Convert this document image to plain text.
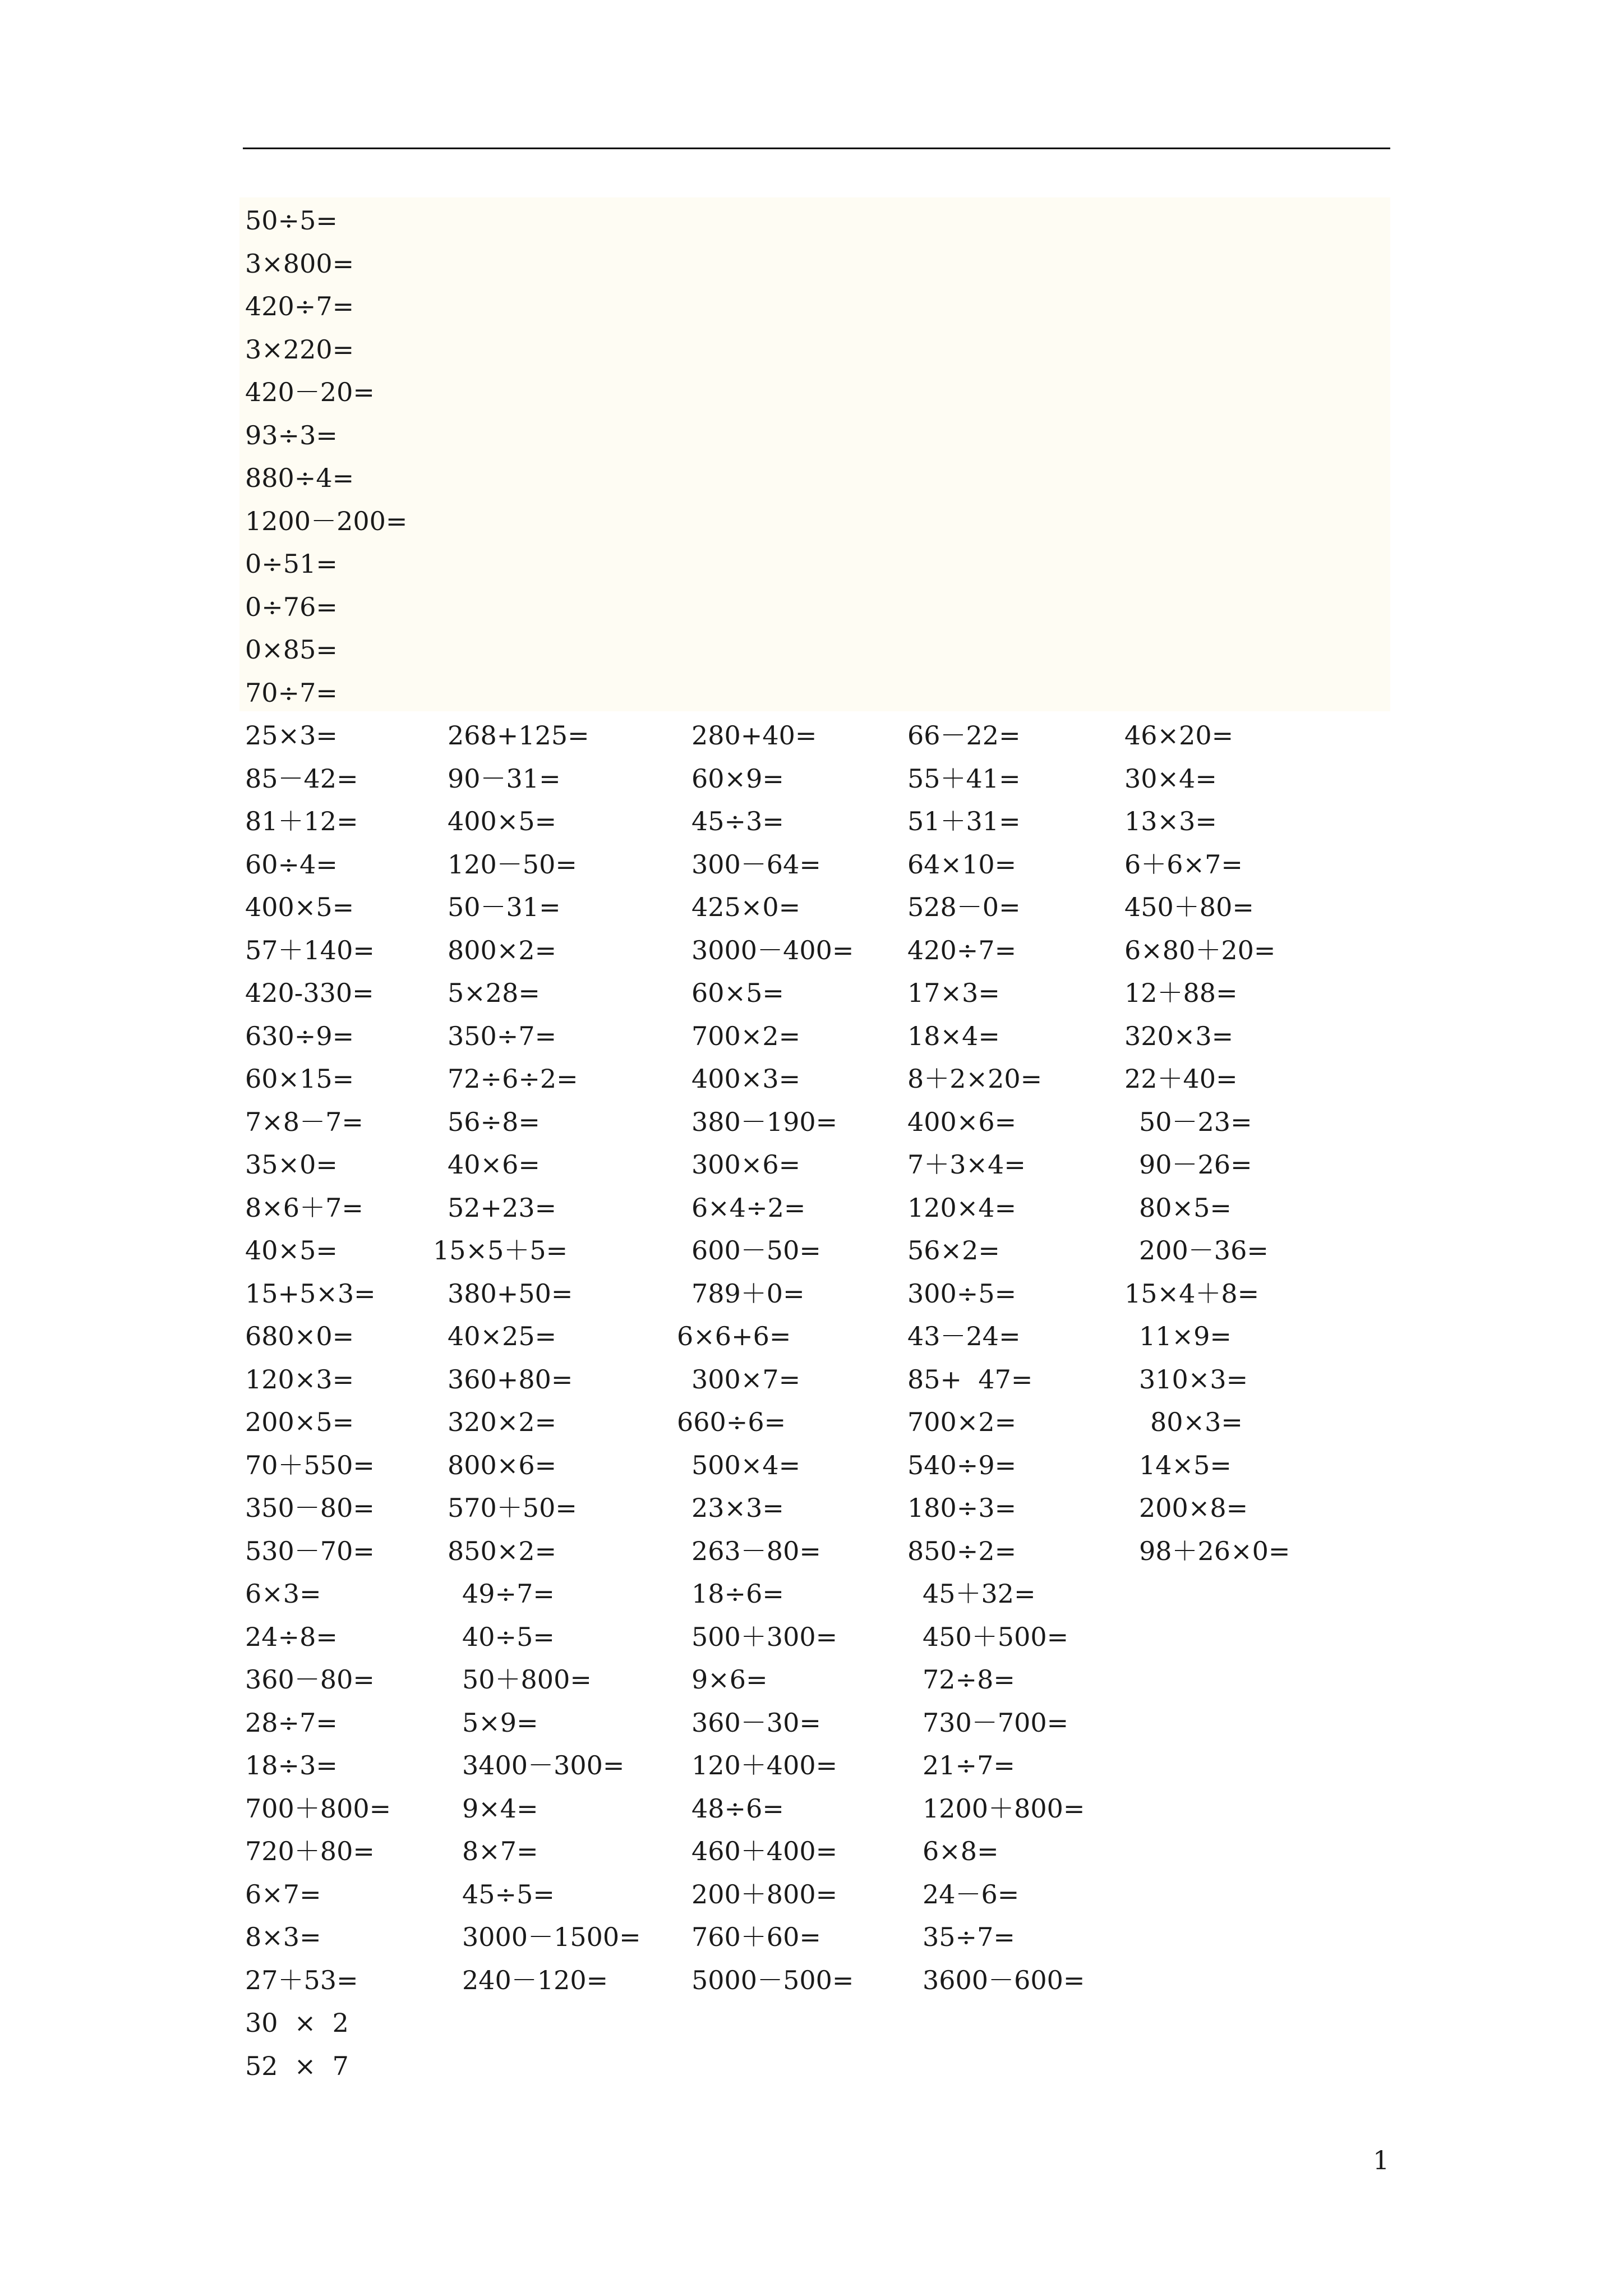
50÷5=
3×800=
420÷7=
3×220=
420－20=
93÷3=
880÷4=
1200－200=
0÷51=
0÷76=
0×85=
70÷7=
25×3=	268+125=	280+40=	66－22=	46×20=
85－42=	90－31=	60×9=	55＋41=	30×4=
81＋12=	400×5=	45÷3=	51＋31=	13×3=
60÷4=	120－50=	300－64=	64×10=	6＋6×7=
400×5=	50－31=	425×0=	528－0=	450＋80=
57＋140=	800×2=	3000－400= 420÷7=	6×80＋20=
420-330=	5×28=	60×5=	17×3=	12＋88=
630÷9=	350÷7=	700×2=	18×4=	320×3=
60×15=	72÷6÷2=	400×3=	8＋2×20=	22＋40=
7×8－7=	56÷8=	380－190=	400×6=	50－23=
35×0=	40×6=	300×6=	7＋3×4=	90－26=
8×6＋7=	52+23=	6×4÷2=	120×4=	80×5=
40×5=	15×5＋5=	600－50=	56×2=	200－36=
15+5×3=	380+50=	789＋0=	300÷5=	15×4＋8=
680×0=	40×25=	6×6+6=	43－24=	11×9=
120×3=	360+80=	300×7=	85+  47=	310×3=
200×5=	320×2=	660÷6=	700×2=	80×3=
70＋550=	800×6=	500×4=	540÷9=	14×5=
350－80=	570＋50=	23×3=	180÷3=	200×8=
530－70=	850×2=	263－80=	850÷2=	98＋26×0=
6×3=	49÷7=	18÷6=	45＋32=
24÷8=	40÷5=	500＋300=	450＋500=
360－80=	50＋800=	9×6=	72÷8=
28÷7=	5×9=	360－30=	730－700=
18÷3=	3400－300=	120＋400=	21÷7=
700＋800=	9×4=	48÷6=	1200＋800=
720＋80=	8×7=	460＋400=	6×8=
6×7=	45÷5=	200＋800=	24－6=
8×3=	3000－1500= 760＋60=	35÷7=
27＋53=	240－120=	5000－500=	3600－600=
30  ×  2
52  ×  7
1
